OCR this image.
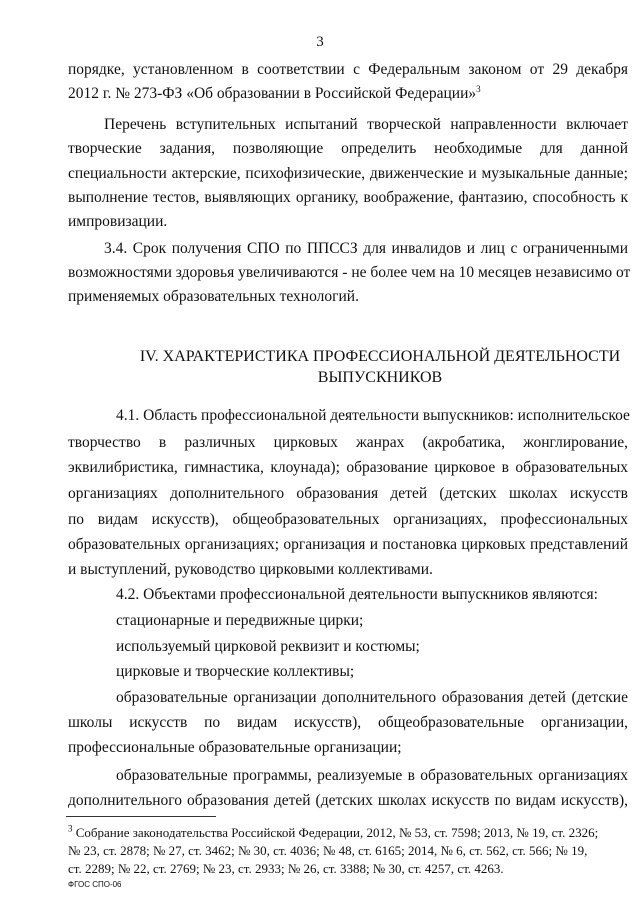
3
порядке, установленном в соответствии с Федеральным законом от 29 декабря
2012 г. № 273-ФЗ «Об образовании в Российской Федерации»$^3$
Перечень вступительных испытаний творческой направленности включает
творческие задания, позволяющие определить необходимые для данной
специальности актерские, психофизические, движенческие и музыкальные данные;
выполнение тестов, выявляющих органику, воображение, фантазию, способность к
импровизации.
3.4. Срок получения СПО по ППССЗ для инвалидов и лиц с ограниченными
возможностями здоровья увеличиваются - не более чем на 10 месяцев независимо от
применяемых образовательных технологий.
IV. ХАРАКТЕРИСТИКА ПРОФЕССИОНАЛЬНОЙ ДЕЯТЕЛЬНОСТИ
ВЫПУСКНИКОВ
4.1. Область профессиональной деятельности выпускников: исполнительское
творчество в различных цирковых жанрах (акробатика, жонглирование,
эквилибристика, гимнастика, клоунада); образование цирковое в образовательных
организациях дополнительного образования детей (детских школах искусств
по видам искусств), общеобразовательных организациях, профессиональных
образовательных организациях; организация и постановка цирковых представлений
и выступлений, руководство цирковыми коллективами.
4.2. Объектами профессиональной деятельности выпускников являются:
стационарные и передвижные цирки;
используемый цирковой реквизит и костюмы;
цирковые и творческие коллективы;
образовательные организации дополнительного образования детей (детские
школы искусств по видам искусств), общеобразовательные организации,
профессиональные образовательные организации;
образовательные программы, реализуемые в образовательных организациях
дополнительного образования детей (детских школах искусств по видам искусств),
$^3$ Собрание законодательства Российской Федерации, 2012, № 53, ст. 7598; 2013, № 19, ст. 2326;
№ 23, ст. 2878; № 27, ст. 3462; № 30, ст. 4036; № 48, ст. 6165; 2014, № 6, ст. 562, ст. 566; № 19,
ст. 2289; № 22, ст. 2769; № 23, ст. 2933; № 26, ст. 3388; № 30, ст. 4257, ст. 4263.
ФГОС СПО-06
